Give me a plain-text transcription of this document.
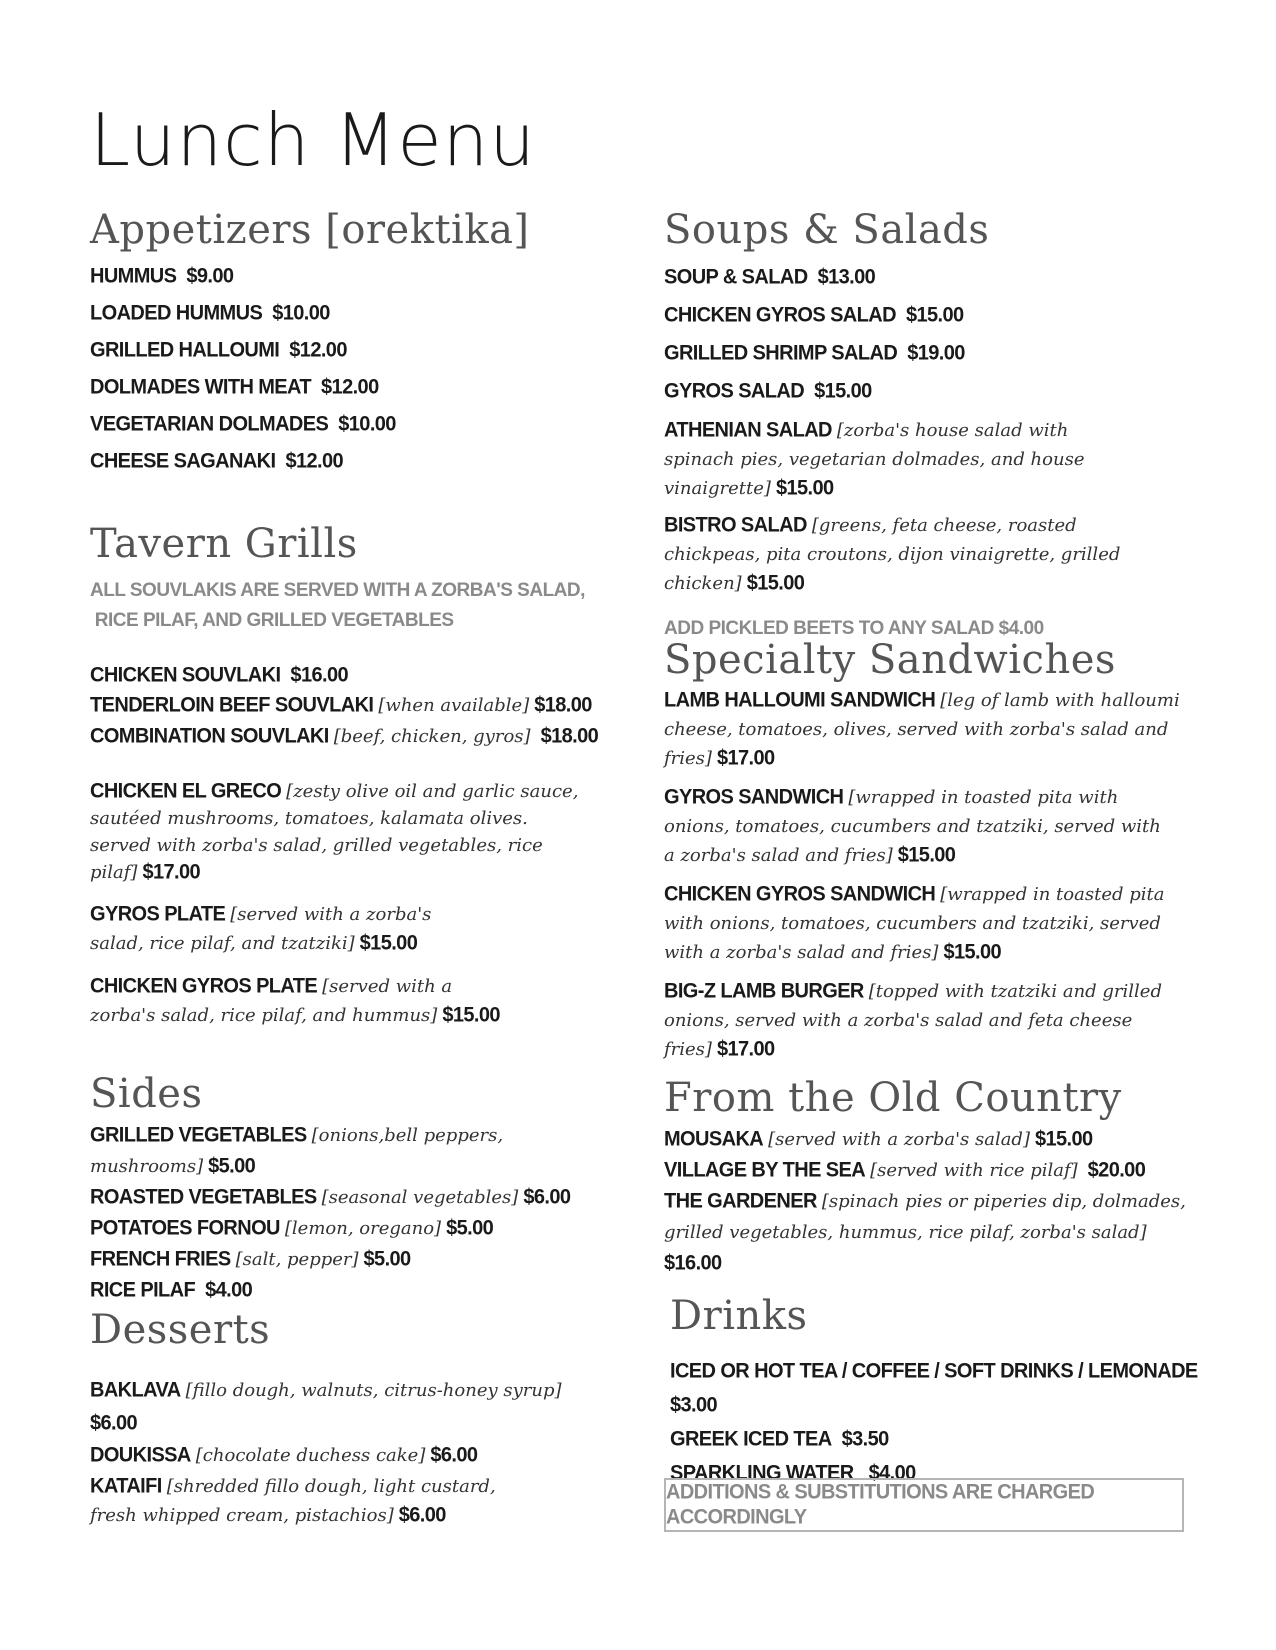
Lunch Menu
Appetizers [orektika]

HUMMUS $9.00

LOADED HUMMUS $10.00

GRILLED HALLOUMI $12.00

DOLMADES WITH MEAT $12.00

VEGETARIAN DOLMADES $10.00

CHEESE SAGANAKI $12.00

Tavern Grills

ALL SOUVLAKIS ARE SERVED WITH A ZORBA'S SALAD,
RICE PILAF, AND GRILLED VEGETABLES

CHICKEN SOUVLAKI $16.00

TENDERLOIN BEEF SOUVLAKI [when available] $18.00

COMBINATION SOUVLAKI [beef, chicken, gyros] $18.00

CHICKEN EL GRECO [zesty olive oil and garlic sauce, sautéed mushrooms, tomatoes, kalamata olives. served with zorba's salad, grilled vegetables, rice pilaf] $17.00

GYROS PLATE [served with a zorba's salad, rice pilaf, and tzatziki] $15.00

CHICKEN GYROS PLATE [served with a zorba's salad, rice pilaf, and hummus] $15.00

Sides

GRILLED VEGETABLES [onions,bell peppers, mushrooms] $5.00

ROASTED VEGETABLES [seasonal vegetables] $6.00

POTATOES FORNOU [lemon, oregano] $5.00

FRENCH FRIES [salt, pepper] $5.00

RICE PILAF $4.00

Desserts

BAKLAVA [fillo dough, walnuts, citrus-honey syrup] $6.00

DOUKISSA [chocolate duchess cake] $6.00

KATAIFI [shredded fillo dough, light custard, fresh whipped cream, pistachios] $6.00

Soups & Salads

SOUP & SALAD $13.00

CHICKEN GYROS SALAD $15.00

GRILLED SHRIMP SALAD $19.00

GYROS SALAD $15.00

ATHENIAN SALAD [zorba's house salad with spinach pies, vegetarian dolmades, and house vinaigrette] $15.00

BISTRO SALAD [greens, feta cheese, roasted chickpeas, pita croutons, dijon vinaigrette, grilled chicken] $15.00

ADD PICKLED BEETS TO ANY SALAD $4.00

Specialty Sandwiches

LAMB HALLOUMI SANDWICH [leg of lamb with halloumi cheese, tomatoes, olives, served with zorba's salad and fries] $17.00

GYROS SANDWICH [wrapped in toasted pita with onions, tomatoes, cucumbers and tzatziki, served with a zorba's salad and fries] $15.00

CHICKEN GYROS SANDWICH [wrapped in toasted pita with onions, tomatoes, cucumbers and tzatziki, served with a zorba's salad and fries] $15.00

BIG-Z LAMB BURGER [topped with tzatziki and grilled onions, served with a zorba's salad and feta cheese fries] $17.00

From the Old Country

MOUSAKA [served with a zorba's salad] $15.00

VILLAGE BY THE SEA [served with rice pilaf] $20.00

THE GARDENER [spinach pies or piperies dip, dolmades, grilled vegetables, hummus, rice pilaf, zorba's salad] $16.00

Drinks

ICED OR HOT TEA / COFFEE / SOFT DRINKS / LEMONADE  $3.00

GREEK ICED TEA $3.50

SPARKLING WATER $4.00

ADDITIONS & SUBSTITUTIONS ARE CHARGED ACCORDINGLY
